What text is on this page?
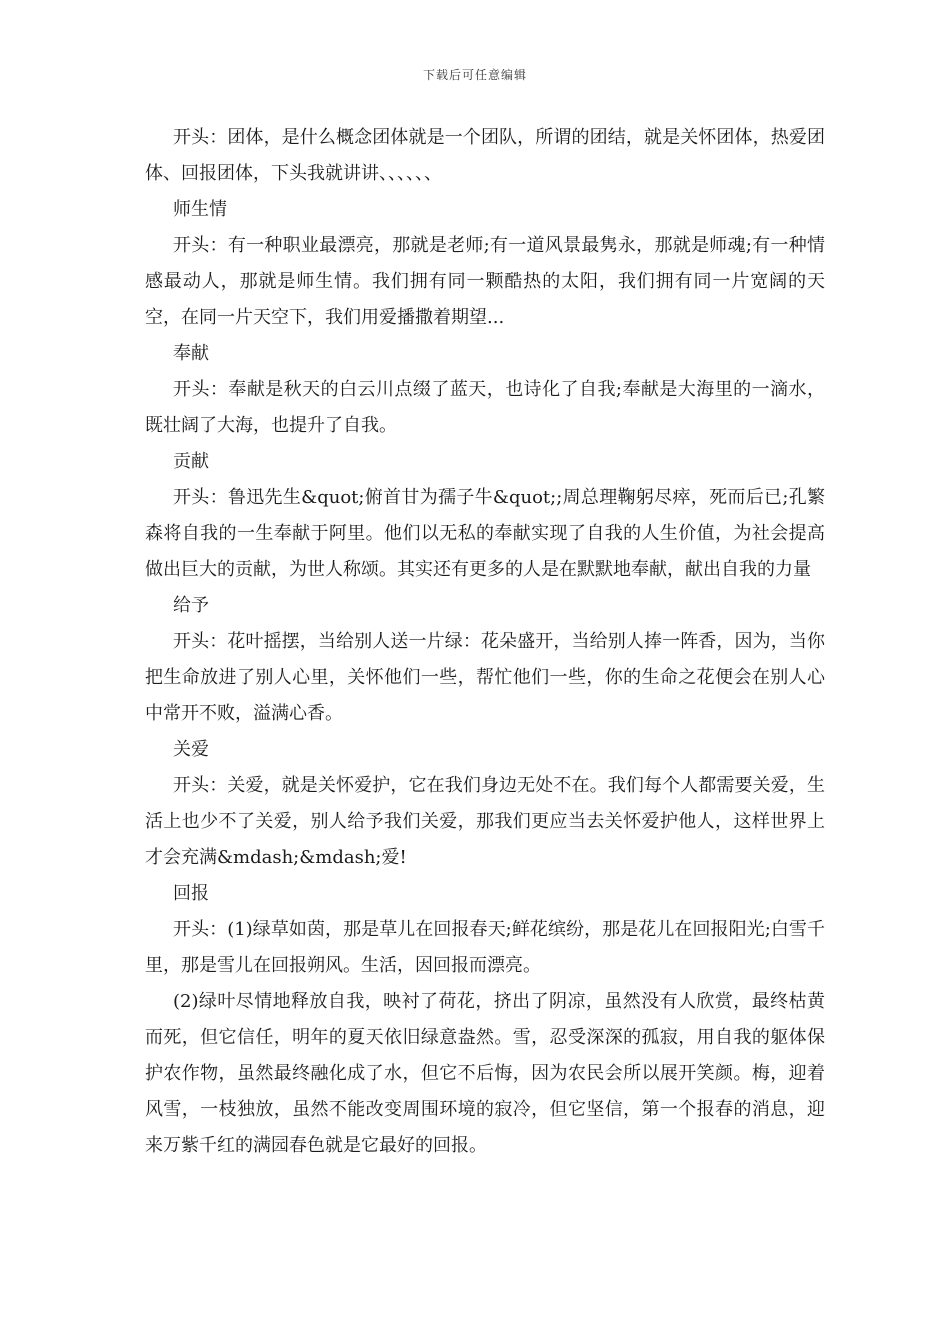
下载后可任意编辑

开头：团体，是什么概念团体就是一个团队，所谓的团结，就是关怀团体，热爱团体、回报团体，下头我就讲讲、、、、、、

师生情

开头：有一种职业最漂亮，那就是老师;有一道风景最隽永，那就是师魂;有一种情感最动人，那就是师生情。我们拥有同一颗酷热的太阳，我们拥有同一片宽阔的天空，在同一片天空下，我们用爱播撒着期望...

奉献

开头：奉献是秋天的白云川点缀了蓝天，也诗化了自我;奉献是大海里的一滴水，既壮阔了大海，也提升了自我。

贡献

开头：鲁迅先生&quot;俯首甘为孺子牛&quot;;周总理鞠躬尽瘁，死而后已;孔繁森将自我的一生奉献于阿里。他们以无私的奉献实现了自我的人生价值，为社会提高做出巨大的贡献，为世人称颂。其实还有更多的人是在默默地奉献，献出自我的力量

给予

开头：花叶摇摆，当给别人送一片绿：花朵盛开，当给别人捧一阵香，因为，当你把生命放进了别人心里，关怀他们一些，帮忙他们一些，你的生命之花便会在别人心中常开不败，溢满心香。

关爱

开头：关爱，就是关怀爱护，它在我们身边无处不在。我们每个人都需要关爱，生活上也少不了关爱，别人给予我们关爱，那我们更应当去关怀爱护他人，这样世界上才会充满&mdash;&mdash;爱!

回报

开头：(1)绿草如茵，那是草儿在回报春天;鲜花缤纷，那是花儿在回报阳光;白雪千里，那是雪儿在回报朔风。生活，因回报而漂亮。

(2)绿叶尽情地释放自我，映衬了荷花，挤出了阴凉，虽然没有人欣赏，最终枯黄而死，但它信任，明年的夏天依旧绿意盎然。雪，忍受深深的孤寂，用自我的躯体保护农作物，虽然最终融化成了水，但它不后悔，因为农民会所以展开笑颜。梅，迎着风雪，一枝独放，虽然不能改变周围环境的寂冷，但它坚信，第一个报春的消息，迎来万紫千红的满园春色就是它最好的回报。
